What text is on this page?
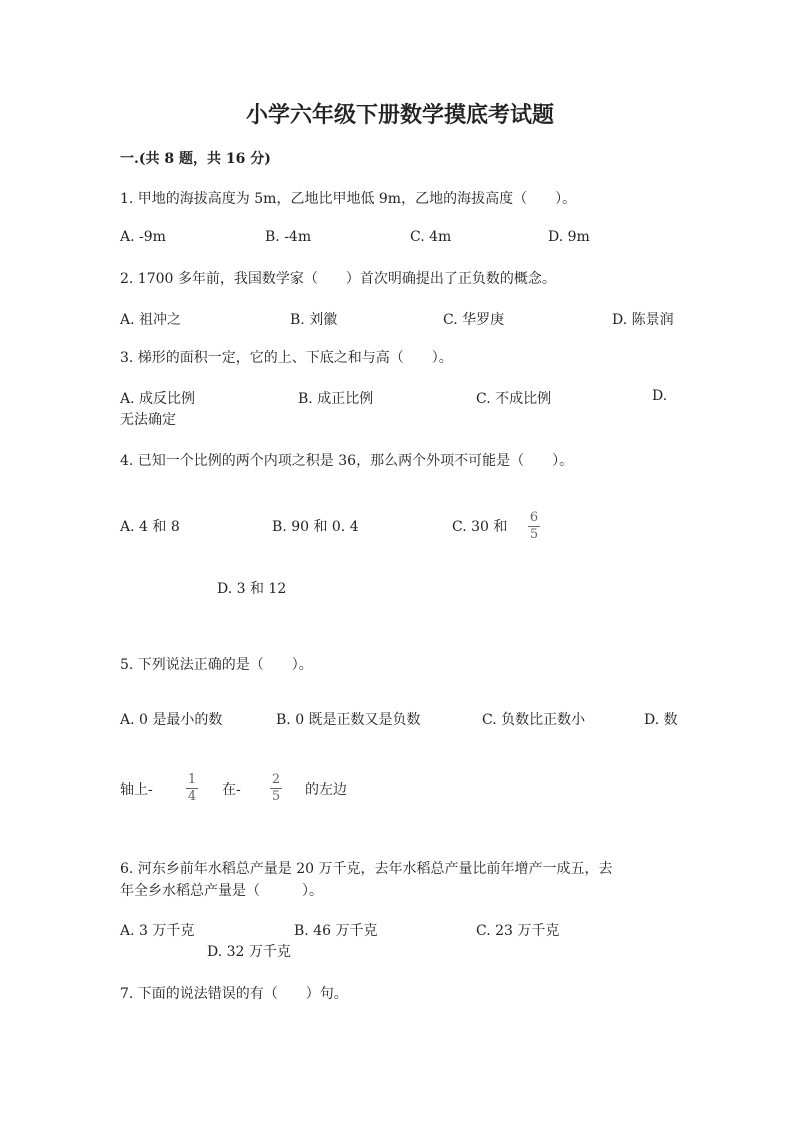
小学六年级下册数学摸底考试题
一.(共 8 题，共 16 分)
1. 甲地的海拔高度为 5m，乙地比甲地低 9m，乙地的海拔高度（　　）。
A. -9m	B. -4m	C. 4m	D. 9m
2. 1700 多年前，我国数学家（　　）首次明确提出了正负数的概念。
A. 祖冲之	B. 刘徽	C. 华罗庚	D. 陈景润
3. 梯形的面积一定，它的上、下底之和与高（　　）。
A. 成反比例	B. 成正比例	C. 不成比例	D.
无法确定
4. 已知一个比例的两个内项之积是 36，那么两个外项不可能是（　　）。
A. 4 和 8	B. 90 和 0. 4	C. 30 和
6
5
D. 3 和 12
5. 下列说法正确的是（　　）。
A. 0 是最小的数	B. 0 既是正数又是负数	C. 负数比正数小	D. 数
轴上-
1
4 在-
2
5 的左边
6. 河东乡前年水稻总产量是 20 万千克，去年水稻总产量比前年增产一成五，去
年全乡水稻总产量是（　　　）。
A. 3 万千克	B. 46 万千克	C. 23 万千克
D. 32 万千克
7. 下面的说法错误的有（　　）句。
